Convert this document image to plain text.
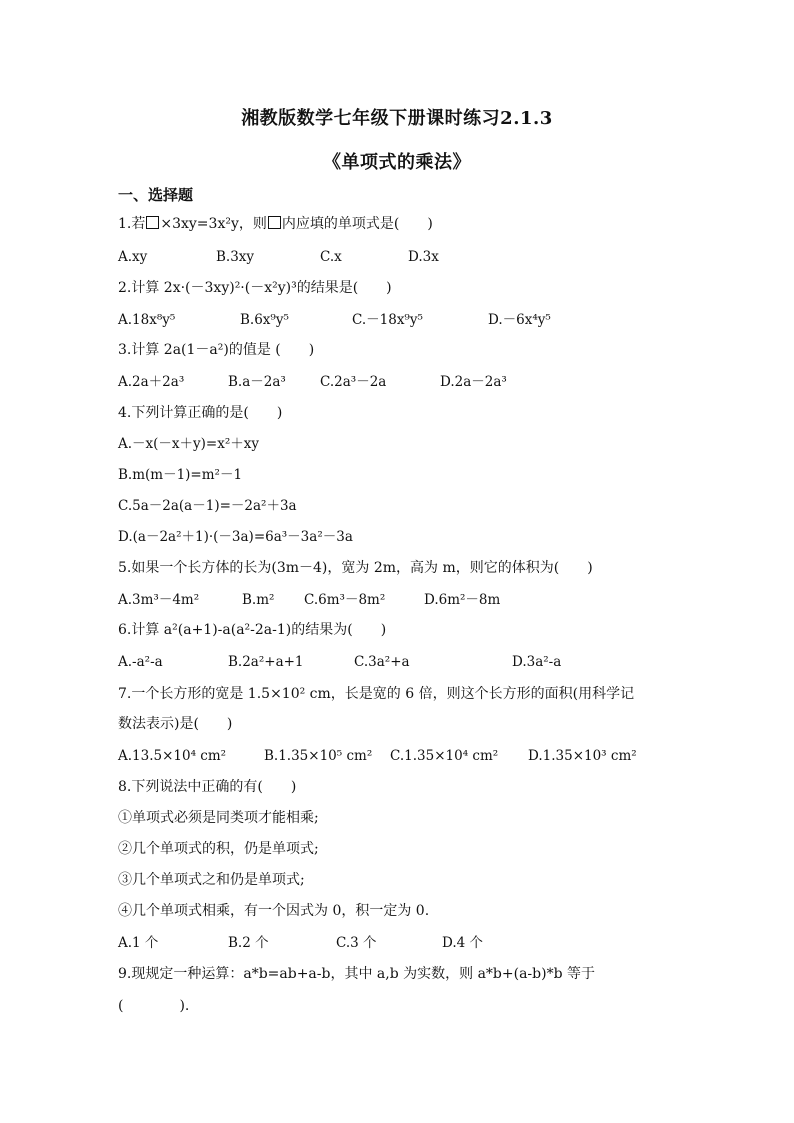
湘教版数学七年级下册课时练习2.1.3
《单项式的乘法》
一、选择题
1.若 ×3xy=3x²y，则 内应填的单项式是(　　)
A.xy	B.3xy	C.x	D.3x
2.计算 2x·(－3xy)²·(－x²y)³的结果是(　　)
A.18x⁸y⁵	B.6x⁹y⁵	C.－18x⁹y⁵	D.－6x⁴y⁵
3.计算 2a(1－a²)的值是 (　　)
A.2a＋2a³	B.a－2a³	C.2a³－2a	D.2a－2a³
4.下列计算正确的是(　　)
A.－x(－x＋y)=x²＋xy
B.m(m－1)=m²－1
C.5a－2a(a－1)=－2a²＋3a
D.(a－2a²＋1)·(－3a)=6a³－3a²－3a
5.如果一个长方体的长为(3m－4)，宽为 2m，高为 m，则它的体积为(　　)
A.3m³－4m²	B.m² C.6m³－8m²	D.6m²－8m
6.计算 a²(a+1)-a(a²-2a-1)的结果为(　　)
A.-a²-a	B.2a²+a+1	C.3a²+a	D.3a²-a
7.一个长方形的宽是 1.5×10² cm，长是宽的 6 倍，则这个长方形的面积(用科学记
数法表示)是(　　)
A.13.5×10⁴ cm²	B.1.35×10⁵ cm² C.1.35×10⁴ cm² D.1.35×10³ cm²
8.下列说法中正确的有(　　)
①单项式必须是同类项才能相乘;
②几个单项式的积，仍是单项式;
③几个单项式之和仍是单项式;
④几个单项式相乘，有一个因式为 0，积一定为 0.
A.1 个	B.2 个	C.3 个	D.4 个
9.现规定一种运算：a*b=ab+a-b，其中 a,b 为实数，则 a*b+(a-b)*b 等于
(　　　　).
